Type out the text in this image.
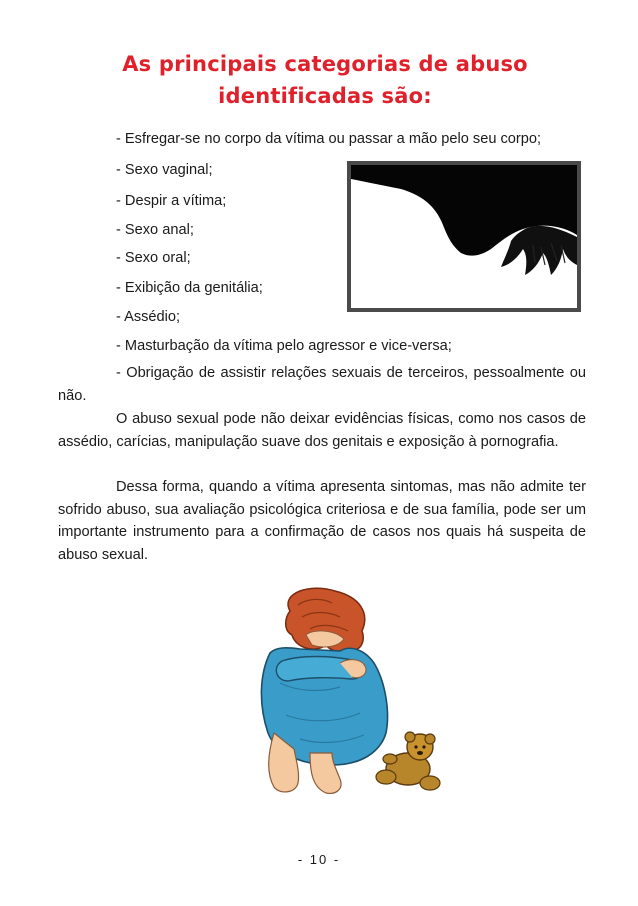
As principais categorias de abuso
identificadas são:
- Esfregar-se no corpo da vítima ou passar a mão pelo seu corpo;
- Sexo vaginal;
- Despir a vítima;
- Sexo anal;
- Sexo oral;
- Exibição da genitália;
- Assédio;
- Masturbação da vítima pelo agressor e vice-versa;
- Obrigação de assistir relações sexuais de terceiros, pessoalmente ou não.
O abuso sexual pode não deixar evidências físicas, como nos casos de assédio, carícias, manipulação suave dos genitais e exposição à pornografia.
Dessa forma, quando a vítima apresenta sintomas, mas não admite ter sofrido abuso, sua avaliação psicológica criteriosa e de sua família, pode ser um importante instrumento para a confirmação de casos nos quais há suspeita de abuso sexual.
- 10 -
